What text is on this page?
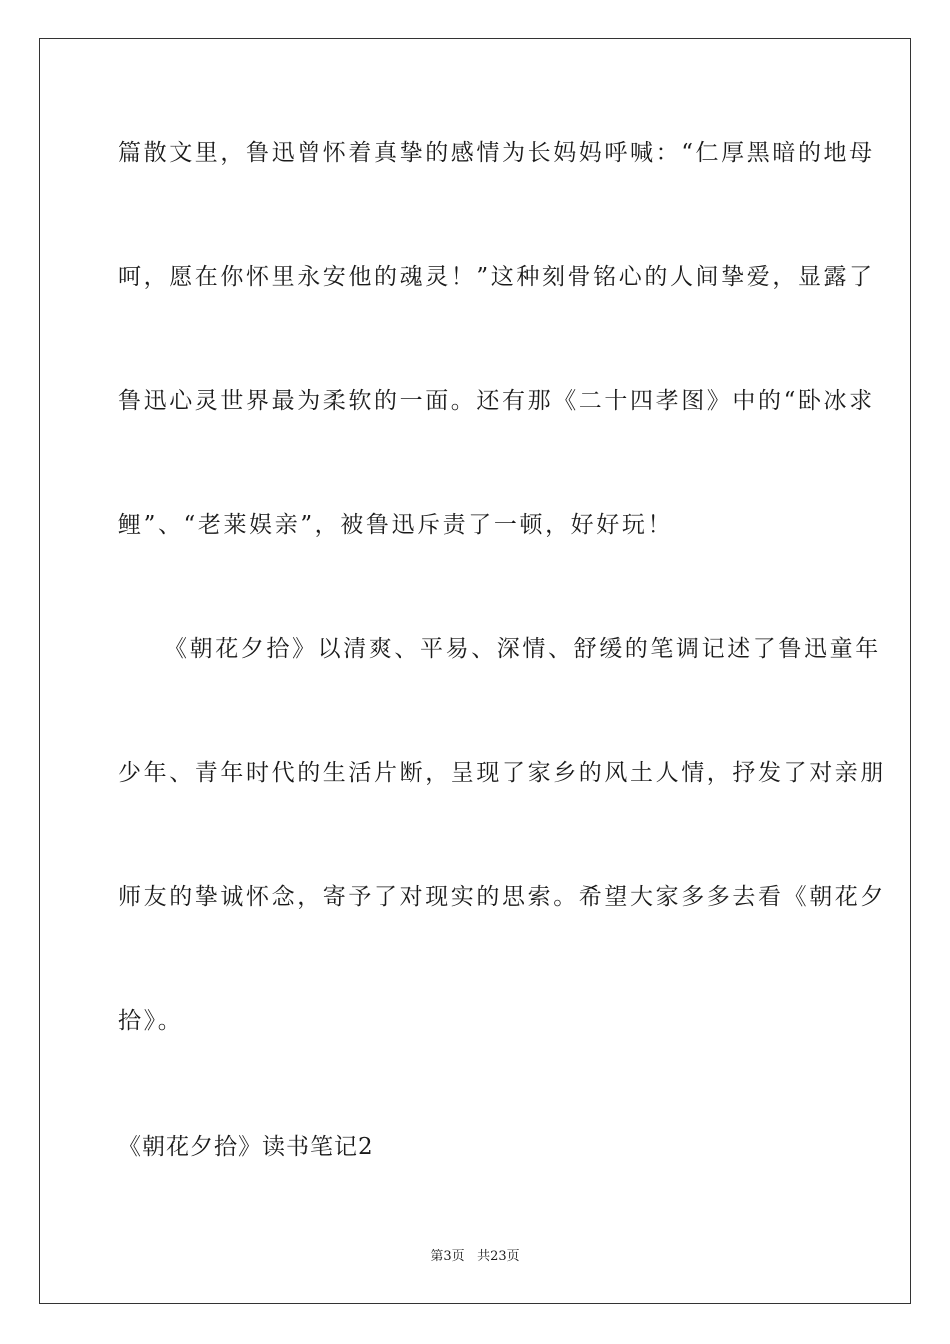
篇散文里，鲁迅曾怀着真挚的感情为长妈妈呼喊：“仁厚黑暗的地母
呵，愿在你怀里永安他的魂灵！”这种刻骨铭心的人间挚爱，显露了
鲁迅心灵世界最为柔软的一面。还有那《二十四孝图》中的“卧冰求
鲤”、“老莱娱亲”，被鲁迅斥责了一顿，好好玩！
《朝花夕拾》以清爽、平易、深情、舒缓的笔调记述了鲁迅童年
少年、青年时代的生活片断，呈现了家乡的风土人情，抒发了对亲朋
师友的挚诚怀念，寄予了对现实的思索。希望大家多多去看《朝花夕
拾》。
《朝花夕拾》读书笔记2
第3页 共23页
